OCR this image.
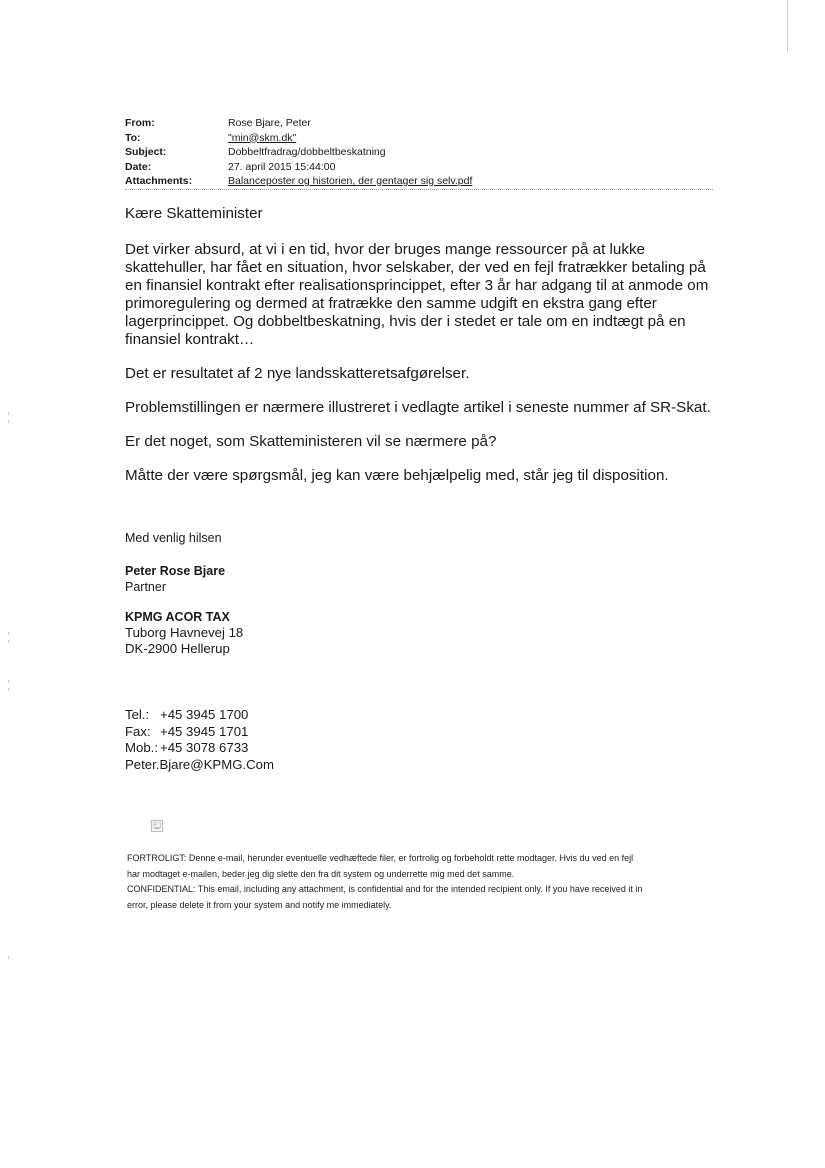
From:	Rose Bjare, Peter
To:	"min@skm.dk"
Subject:	Dobbeltfradrag/dobbeltbeskatning
Date:	27. april 2015 15:44:00
Attachments:	Balanceposter og historien, der gentager sig selv.pdf

Kære Skatteminister

Det virker absurd, at vi i en tid, hvor der bruges mange ressourcer på at lukke
skattehuller, har fået en situation, hvor selskaber, der ved en fejl fratrækker betaling på
en finansiel kontrakt efter realisationsprincippet, efter 3 år har adgang til at anmode om
primoregulering og dermed at fratrække den samme udgift en ekstra gang efter
lagerprincippet. Og dobbeltbeskatning, hvis der i stedet er tale om en indtægt på en
finansiel kontrakt…

Det er resultatet af 2 nye landsskatteretsafgørelser.

Problemstillingen er nærmere illustreret i vedlagte artikel i seneste nummer af SR-Skat.

Er det noget, som Skatteministeren vil se nærmere på?

Måtte der være spørgsmål, jeg kan være behjælpelig med, står jeg til disposition.

Med venlig hilsen
Peter Rose Bjare
Partner
KPMG ACOR TAX
Tuborg Havnevej 18
DK-2900 Hellerup
Tel.: +45 3945 1700
Fax: +45 3945 1701
Mob.: +45 3078 6733
Peter.Bjare@KPMG.Com
FORTROLIGT: Denne e-mail, herunder eventuelle vedhæftede filer, er fortrolig og forbeholdt rette modtager. Hvis du ved en fejl
har modtaget e-mailen, beder jeg dig slette den fra dit system og underrette mig med det samme.
CONFIDENTIAL: This email, including any attachment, is confidential and for the intended recipient only. If you have received it in
error, please delete it from your system and notify me immediately.
